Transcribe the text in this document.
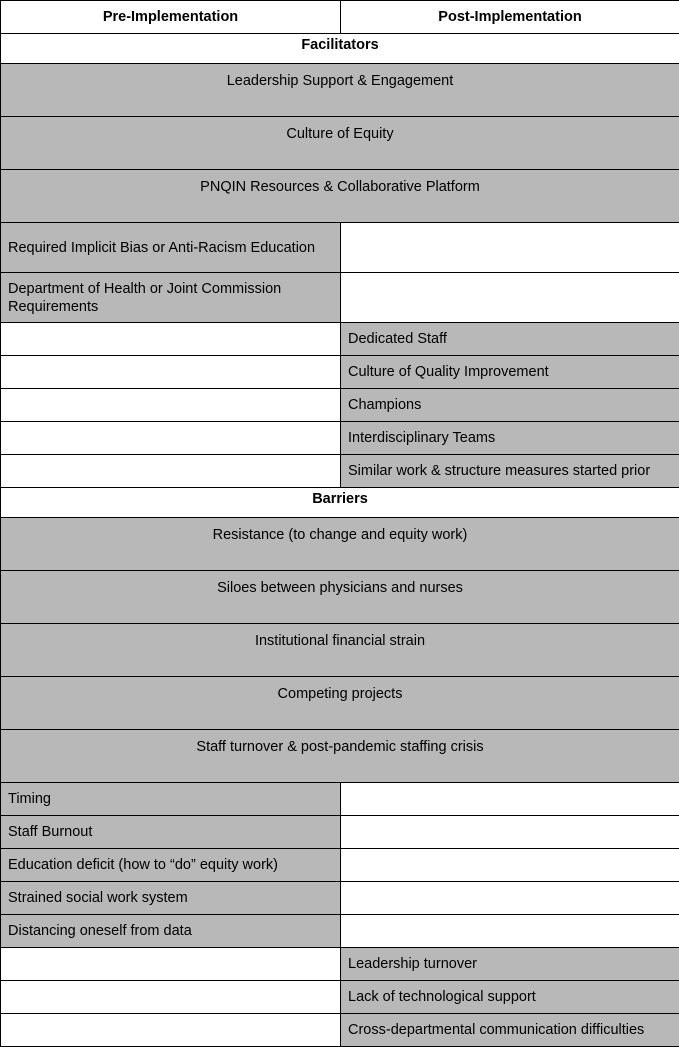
Pre-Implementation	Post-Implementation
Facilitators	
Leadership Support & Engagement	
Culture of Equity	
PNQIN Resources & Collaborative Platform	
Required Implicit Bias or Anti-Racism Education	
Department of Health or Joint Commission Requirements	
	Dedicated Staff
	Culture of Quality Improvement
	Champions
	Interdisciplinary Teams
	Similar work & structure measures started prior
Barriers	
Resistance (to change and equity work)	
Siloes between physicians and nurses	
Institutional financial strain	
Competing projects	
Staff turnover & post-pandemic staffing crisis	
Timing	
Staff Burnout	
Education deficit (how to “do” equity work)	
Strained social work system	
Distancing oneself from data	
	Leadership turnover
	Lack of technological support
	Cross-departmental communication difficulties
